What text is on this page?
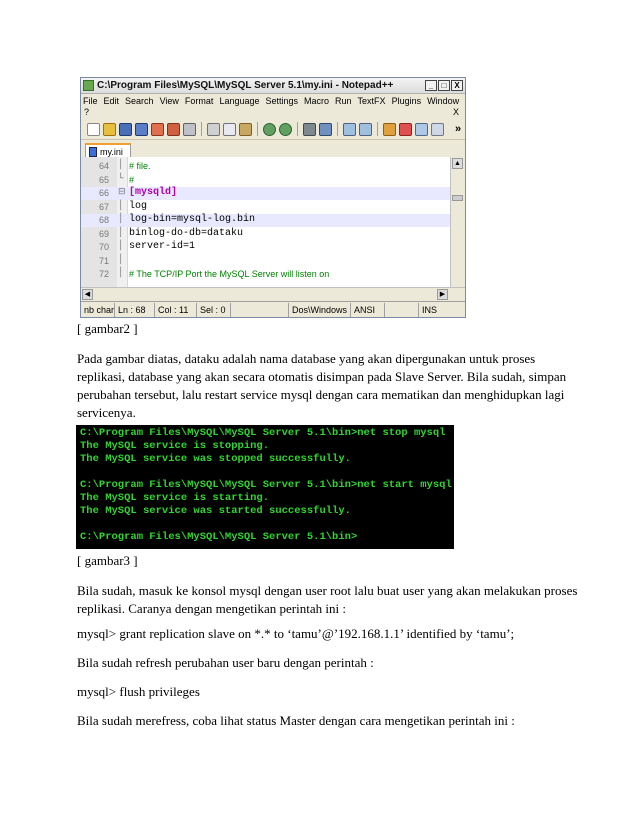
C:\Program Files\MySQL\MySQL Server 5.1\my.ini - Notepad++	_	□ X
File Edit Search View Format Language Settings Macro Run TextFX Plugins Window
?	X
»
my.ini
64 │ # file.
65 └ #
66 ⊟ [mysqld]
67 │ log
68 │ log-bin=mysql-log.bin
69 │ binlog-do-db=dataku
70 │ server-id=1
71 │
72 │ # The TCP/IP Port the MySQL Server will listen on
▲
◀	▶
nb char Ln : 68	Col : 11	Sel : 0	Dos\Windows ANSI	INS
[ gambar2 ]
Pada gambar diatas, dataku adalah nama database yang akan dipergunakan untuk proses replikasi, database yang akan secara otomatis disimpan pada Slave Server. Bila sudah, simpan perubahan tersebut, lalu restart service mysql dengan cara mematikan dan menghidupkan lagi servicenya.
C:\Program Files\MySQL\MySQL Server 5.1\bin>net stop mysql
The MySQL service is stopping.
The MySQL service was stopped successfully.
C:\Program Files\MySQL\MySQL Server 5.1\bin>net start mysql
The MySQL service is starting.
The MySQL service was started successfully.
C:\Program Files\MySQL\MySQL Server 5.1\bin>
[ gambar3 ]
Bila sudah, masuk ke konsol mysql dengan user root lalu buat user yang akan melakukan proses replikasi. Caranya dengan mengetikan perintah ini :
mysql> grant replication slave on *.* to ‘tamu’@’192.168.1.1’ identified by ‘tamu’;
Bila sudah refresh perubahan user baru dengan perintah :
mysql> flush privileges
Bila sudah merefress, coba lihat status Master dengan cara mengetikan perintah ini :
